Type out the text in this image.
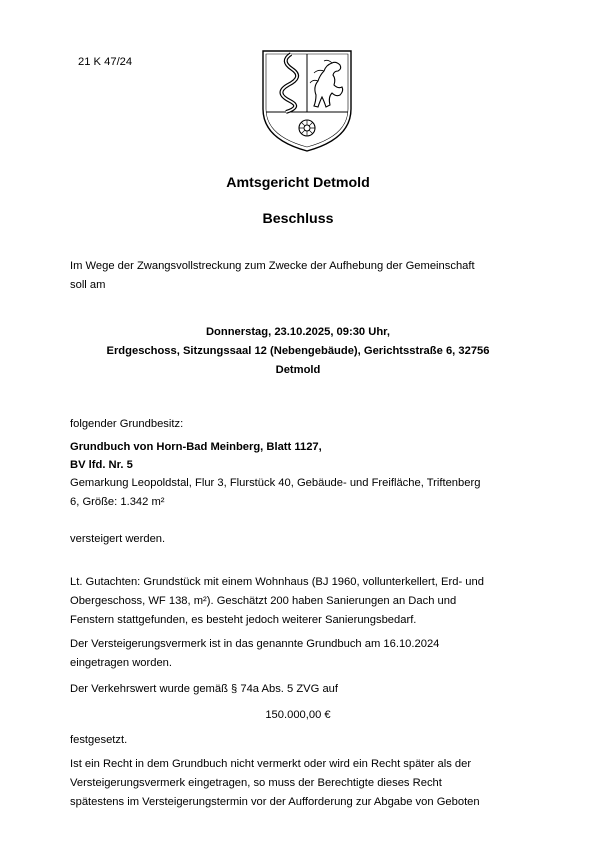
21 K 47/24
Amtsgericht Detmold
Beschluss
Im Wege der Zwangsvollstreckung zum Zwecke der Aufhebung der Gemeinschaft
soll am
Donnerstag, 23.10.2025, 09:30 Uhr,
Erdgeschoss, Sitzungssaal 12 (Nebengebäude), Gerichtsstraße 6, 32756
Detmold
folgender Grundbesitz:
Grundbuch von Horn-Bad Meinberg, Blatt 1127,
BV lfd. Nr. 5
Gemarkung Leopoldstal, Flur 3, Flurstück 40, Gebäude- und Freifläche, Triftenberg
6, Größe: 1.342 m²
versteigert werden.
Lt. Gutachten: Grundstück mit einem Wohnhaus (BJ 1960, vollunterkellert, Erd- und
Obergeschoss, WF 138, m²). Geschätzt 200 haben Sanierungen an Dach und
Fenstern stattgefunden, es besteht jedoch weiterer Sanierungsbedarf.
Der Versteigerungsvermerk ist in das genannte Grundbuch am 16.10.2024
eingetragen worden.
Der Verkehrswert wurde gemäß § 74a Abs. 5 ZVG auf
150.000,00 €
festgesetzt.
Ist ein Recht in dem Grundbuch nicht vermerkt oder wird ein Recht später als der
Versteigerungsvermerk eingetragen, so muss der Berechtigte dieses Recht
spätestens im Versteigerungstermin vor der Aufforderung zur Abgabe von Geboten
